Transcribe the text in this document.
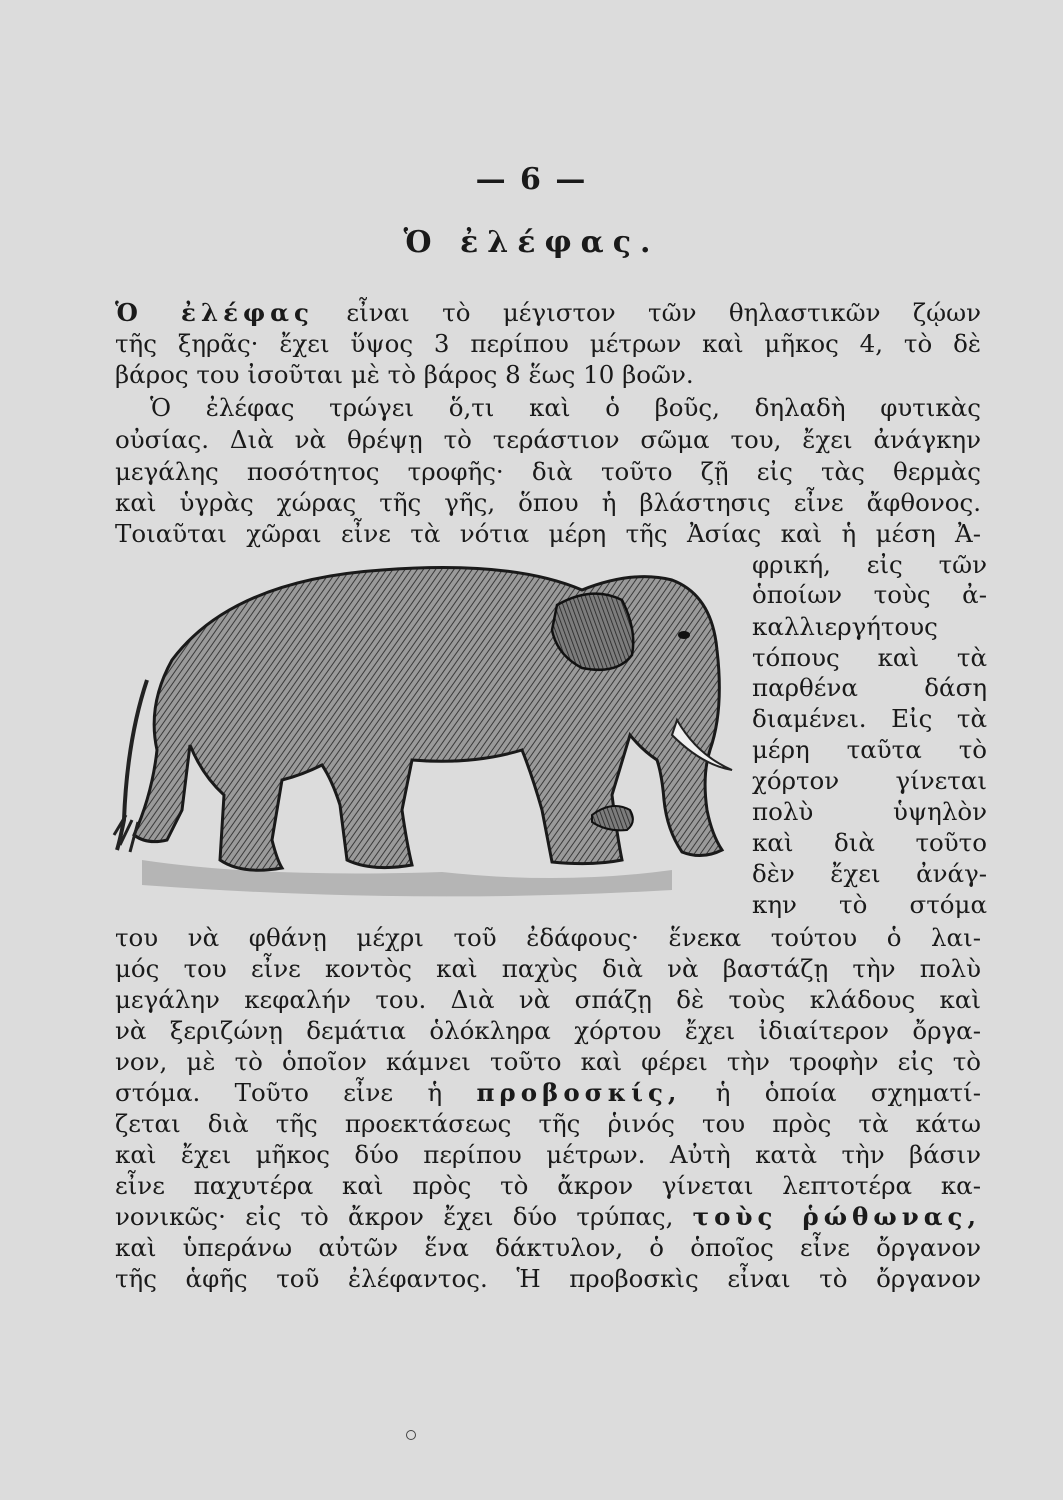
— 6 —
Ὁ ἐλέφας.
Ὁ ἐλέφας εἶναι τὸ μέγιστον τῶν θηλαστικῶν ζῴων
τῆς ξηρᾶς· ἔχει ὕψος 3 περίπου μέτρων καὶ μῆκος 4, τὸ δὲ
βάρος του ἰσοῦται μὲ τὸ βάρος 8 ἕως 10 βοῶν.
Ὁ ἐλέφας τρώγει ὅ,τι καὶ ὁ βοῦς, δηλαδὴ φυτικὰς
οὐσίας. Διὰ νὰ θρέψῃ τὸ τεράστιον σῶμα του, ἔχει ἀνάγκην
μεγάλης ποσότητος τροφῆς· διὰ τοῦτο ζῇ εἰς τὰς θερμὰς
καὶ ὑγρὰς χώρας τῆς γῆς, ὅπου ἡ βλάστησις εἶνε ἄφθονος.
Τοιαῦται χῶραι εἶνε τὰ νότια μέρη τῆς Ἀσίας καὶ ἡ μέση Ἀ-
φρική, εἰς τῶν
ὁποίων τοὺς ἀ-
καλλιεργήτους
τόπους καὶ τὰ
παρθένα δάση
διαμένει. Εἰς τὰ
μέρη ταῦτα τὸ
χόρτον γίνεται
πολὺ ὑψηλὸν
καὶ διὰ τοῦτο
δὲν ἔχει ἀνάγ-
κην τὸ στόμα
του νὰ φθάνῃ μέχρι τοῦ ἐδάφους· ἕνεκα τούτου ὁ λαι-
μός του εἶνε κοντὸς καὶ παχὺς διὰ νὰ βαστάζῃ τὴν πολὺ
μεγάλην κεφαλήν του. Διὰ νὰ σπάζῃ δὲ τοὺς κλάδους καὶ
νὰ ξεριζώνῃ δεμάτια ὁλόκληρα χόρτου ἔχει ἰδιαίτερον ὄργα-
νον, μὲ τὸ ὁποῖον κάμνει τοῦτο καὶ φέρει τὴν τροφὴν εἰς τὸ
στόμα. Τοῦτο εἶνε ἡ προβοσκίς, ἡ ὁποία σχηματί-
ζεται διὰ τῆς προεκτάσεως τῆς ῥινός του πρὸς τὰ κάτω
καὶ ἔχει μῆκος δύο περίπου μέτρων. Αὐτὴ κατὰ τὴν βάσιν
εἶνε παχυτέρα καὶ πρὸς τὸ ἄκρον γίνεται λεπτοτέρα κα-
νονικῶς· εἰς τὸ ἄκρον ἔχει δύο τρύπας, τοὺς ῥώθωνας,
καὶ ὑπεράνω αὐτῶν ἕνα δάκτυλον, ὁ ὁποῖος εἶνε ὄργανον
τῆς ἁφῆς τοῦ ἐλέφαντος. Ἡ προβοσκὶς εἶναι τὸ ὄργανον
